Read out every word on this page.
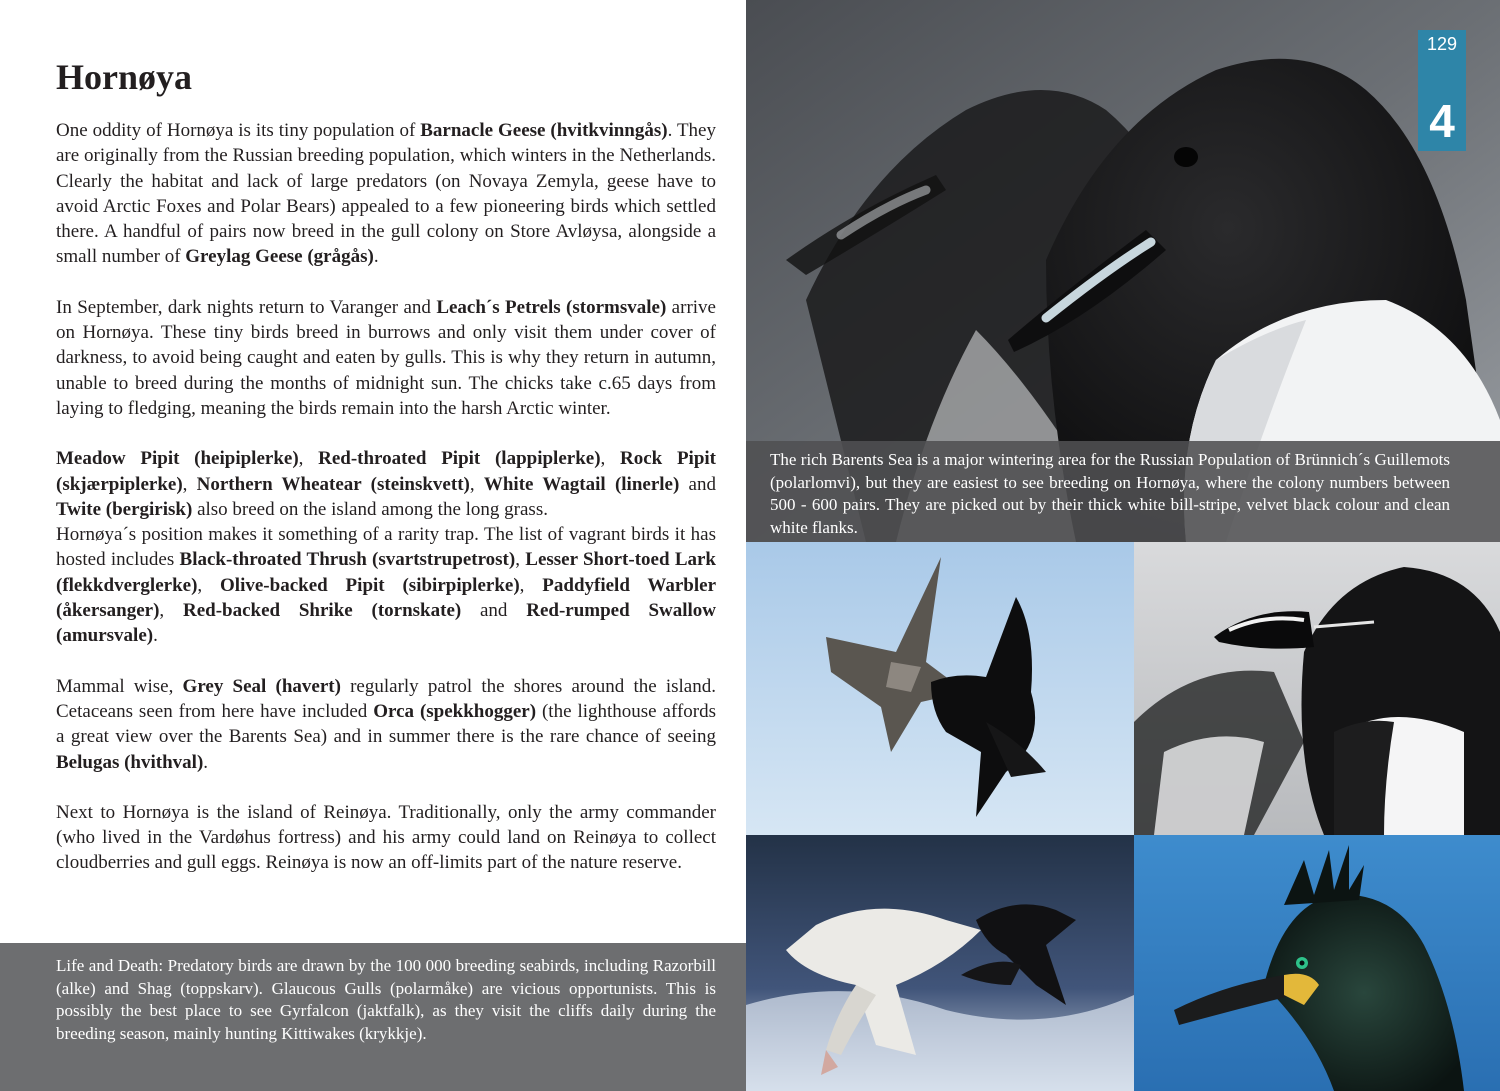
Hornøya

One oddity of Hornøya is its tiny population of Barnacle Geese (hvitkvinngås). They are originally from the Russian breeding population, which winters in the Netherlands. Clearly the habitat and lack of large predators (on Novaya Zemyla, geese have to avoid Arctic Foxes and Polar Bears) appealed to a few pioneering birds which settled there. A handful of pairs now breed in the gull colony on Store Avløysa, alongside a small number of Greylag Geese (grågås).

In September, dark nights return to Varanger and Leach´s Petrels (stormsvale) arrive on Hornøya. These tiny birds breed in burrows and only visit them under cover of darkness, to avoid being caught and eaten by gulls. This is why they return in autumn, unable to breed during the months of midnight sun. The chicks take c.65 days from laying to fledging, meaning the birds remain into the harsh Arctic winter.

Meadow Pipit (heipiplerke), Red-throated Pipit (lappiplerke), Rock Pipit (skjærpiplerke), Northern Wheatear (steinskvett), White Wagtail (linerle) and Twite (bergirisk) also breed on the island among the long grass.

Hornøya´s position makes it something of a rarity trap. The list of vagrant birds it has hosted includes Black-throated Thrush (svartstrupetrost), Lesser Short-toed Lark (flekkdverglerke), Olive-backed Pipit (sibirpiplerke), Paddyfield Warbler (åkersanger), Red-backed Shrike (tornskate) and Red-rumped Swallow (amursvale).

Mammal wise, Grey Seal (havert) regularly patrol the shores around the island. Cetaceans seen from here have included Orca (spekkhogger) (the lighthouse affords a great view over the Barents Sea) and in summer there is the rare chance of seeing Belugas (hvithval).

Next to Hornøya is the island of Reinøya. Traditionally, only the army commander (who lived in the Vardøhus fortress) and his army could land on Reinøya to collect cloudberries and gull eggs. Reinøya is now an off-limits part of the nature reserve.

Life and Death: Predatory birds are drawn by the 100 000 breeding seabirds, including Razorbill (alke) and Shag (toppskarv). Glaucous Gulls (polarmåke) are vicious opportunists. This is possibly the best place to see Gyrfalcon (jaktfalk), as they visit the cliffs daily during the breeding season, mainly hunting Kittiwakes (krykkje).

The rich Barents Sea is a major wintering area for the Russian Population of Brünnich´s Guillemots (polarlomvi), but they are easiest to see breeding on Hornøya, where the colony numbers between 500 - 600 pairs. They are picked out by their thick white bill-stripe, velvet black colour and clean white flanks.

129
4
